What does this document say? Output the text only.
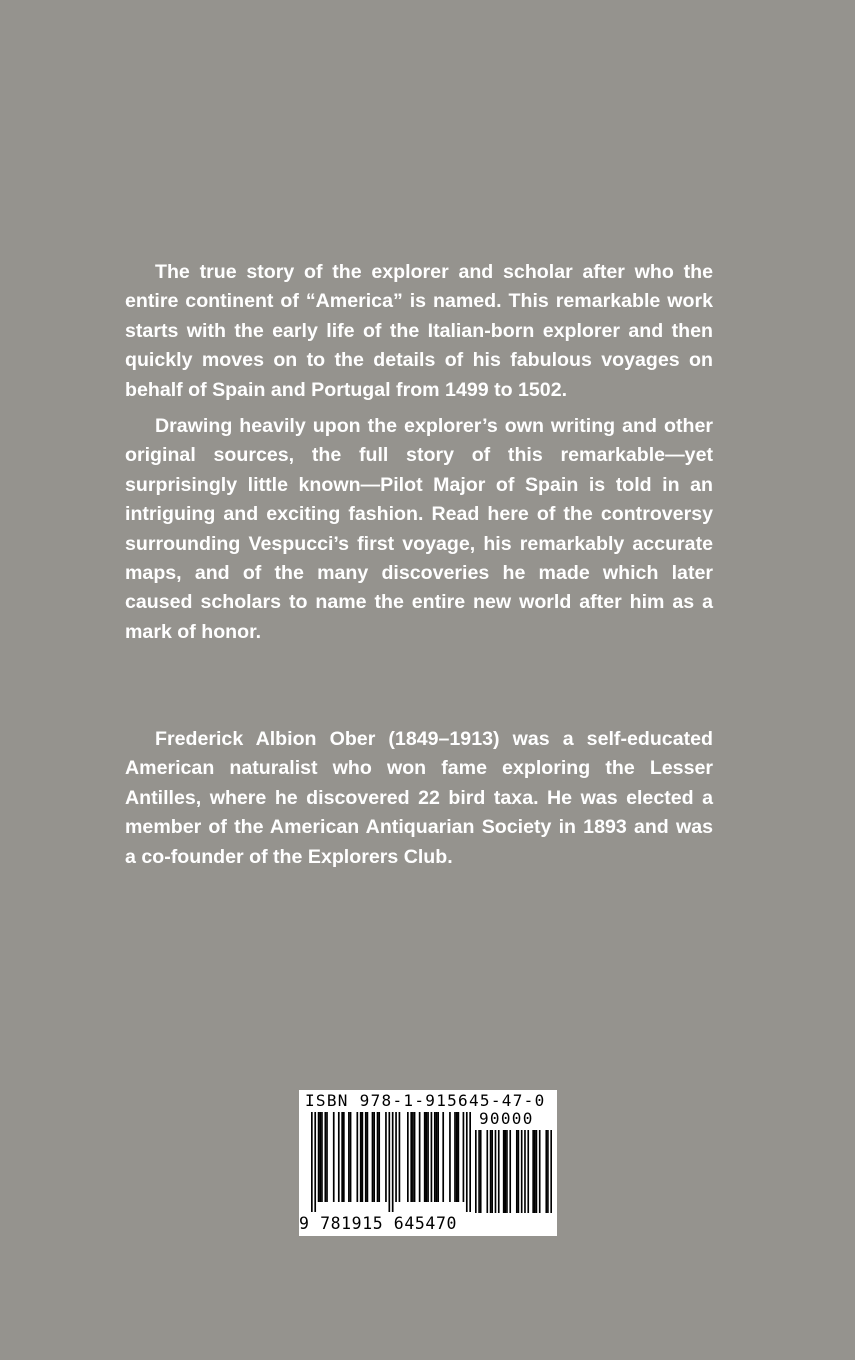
The true story of the explorer and scholar after who the entire continent of “America” is named. This remarkable work starts with the early life of the Italian-born explorer and then quickly moves on to the details of his fabulous voyages on behalf of Spain and Portugal from 1499 to 1502.

Drawing heavily upon the explorer’s own writing and other original sources, the full story of this remarkable—yet surprisingly little known—Pilot Major of Spain is told in an intriguing and exciting fashion. Read here of the controversy surrounding Vespucci’s first voyage, his remarkably accurate maps, and of the many discoveries he made which later caused scholars to name the entire new world after him as a mark of honor.

Frederick Albion Ober (1849–1913) was a self-educated American naturalist who won fame exploring the Lesser Antilles, where he discovered 22 bird taxa. He was elected a member of the American Antiquarian Society in 1893 and was a co-founder of the Explorers Club.

ISBN 978-1-915645-47-0
90000
9 781915 645470
